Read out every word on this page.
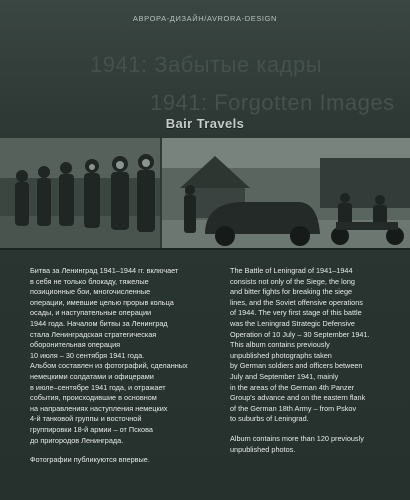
АВРОРА-ДИЗАЙН/AVRORA-DESIGN
1941: Забытые кадры
1941: Forgotten Images
Bair Travels

Битва за Ленинград 1941–1944 гг. включает
в себя не только блокаду, тяжелые
позиционные бои, многочисленные
операции, имевшие целью прорыв кольца
осады, и наступательные операции
1944 года. Началом битвы за Ленинград
стала Ленинградская стратегическая
оборонительная операция
10 июля – 30 сентября 1941 года.
Альбом составлен из фотографий, сделанных
немецкими солдатами и офицерами
в июле–сентябре 1941 года, и отражает
события, происходившие в основном
на направлениях наступления немецких
4-й танковой группы и восточной
группировки 18-й армии – от Пскова
до пригородов Ленинграда.

Фотографии публикуются впервые.

The Battle of Leningrad of 1941–1944
consists not only of the Siege, the long
and bitter fights for breaking the siege
lines, and the Soviet offensive operations
of 1944. The very first stage of this battle
was the Leningrad Strategic Defensive
Operation of 10 July – 30 September 1941.
This album contains previously
unpublished photographs taken
by German soldiers and officers between
July and September 1941, mainly
in the areas of the German 4th Panzer
Group's advance and on the eastern flank
of the German 18th Army – from Pskov
to suburbs of Leningrad.

Album contains more than 120 previously
unpublished photos.
